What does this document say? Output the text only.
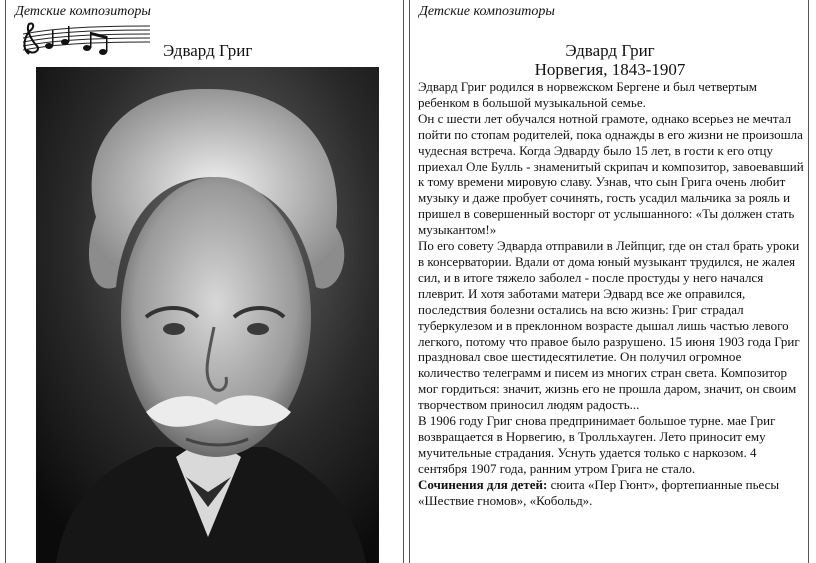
Детские композиторы
Эдвард Григ
Детские композиторы
Эдвард Григ
Норвегия, 1843-1907

Эдвард Григ родился в норвежском Бергене и был четвертым ребенком в большой музыкальной семье.

Он с шести лет обучался нотной грамоте, однако всерьез не мечтал пойти по стопам родителей, пока однажды в его жизни не произошла чудесная встреча. Когда Эдварду было 15 лет, в гости к его отцу приехал Оле Булль - знаменитый скрипач и композитор, завоевавший к тому времени мировую славу. Узнав, что сын Грига очень любит музыку и даже пробует сочинять, гость усадил мальчика за рояль и пришел в совершенный восторг от услышанного: «Ты должен стать музыкантом!»

По его совету Эдварда отправили в Лейпциг, где он стал брать уроки в консерватории. Вдали от дома юный музыкант трудился, не жалея сил, и в итоге тяжело заболел - после простуды у него начался плеврит. И хотя заботами матери Эдвард все же оправился, последствия болезни остались на всю жизнь: Григ страдал туберкулезом и в преклонном возрасте дышал лишь частью левого легкого, потому что правое было разрушено. 15 июня 1903 года Григ праздновал свое шестидесятилетие. Он получил огромное количество телеграмм и писем из многих стран света. Композитор мог гордиться: значит, жизнь его не прошла даром, значит, он своим творчеством приносил людям радость...

В 1906 году Григ снова предпринимает большое турне. мае Григ возвращается в Норвегию, в Тролльхауген. Лето приносит ему мучительные страдания. Уснуть удается только с наркозом. 4 сентября 1907 года, ранним утром Грига не стало.

Сочинения для детей: сюита «Пер Гюнт», фортепианные пьесы «Шествие гномов», «Кобольд».
